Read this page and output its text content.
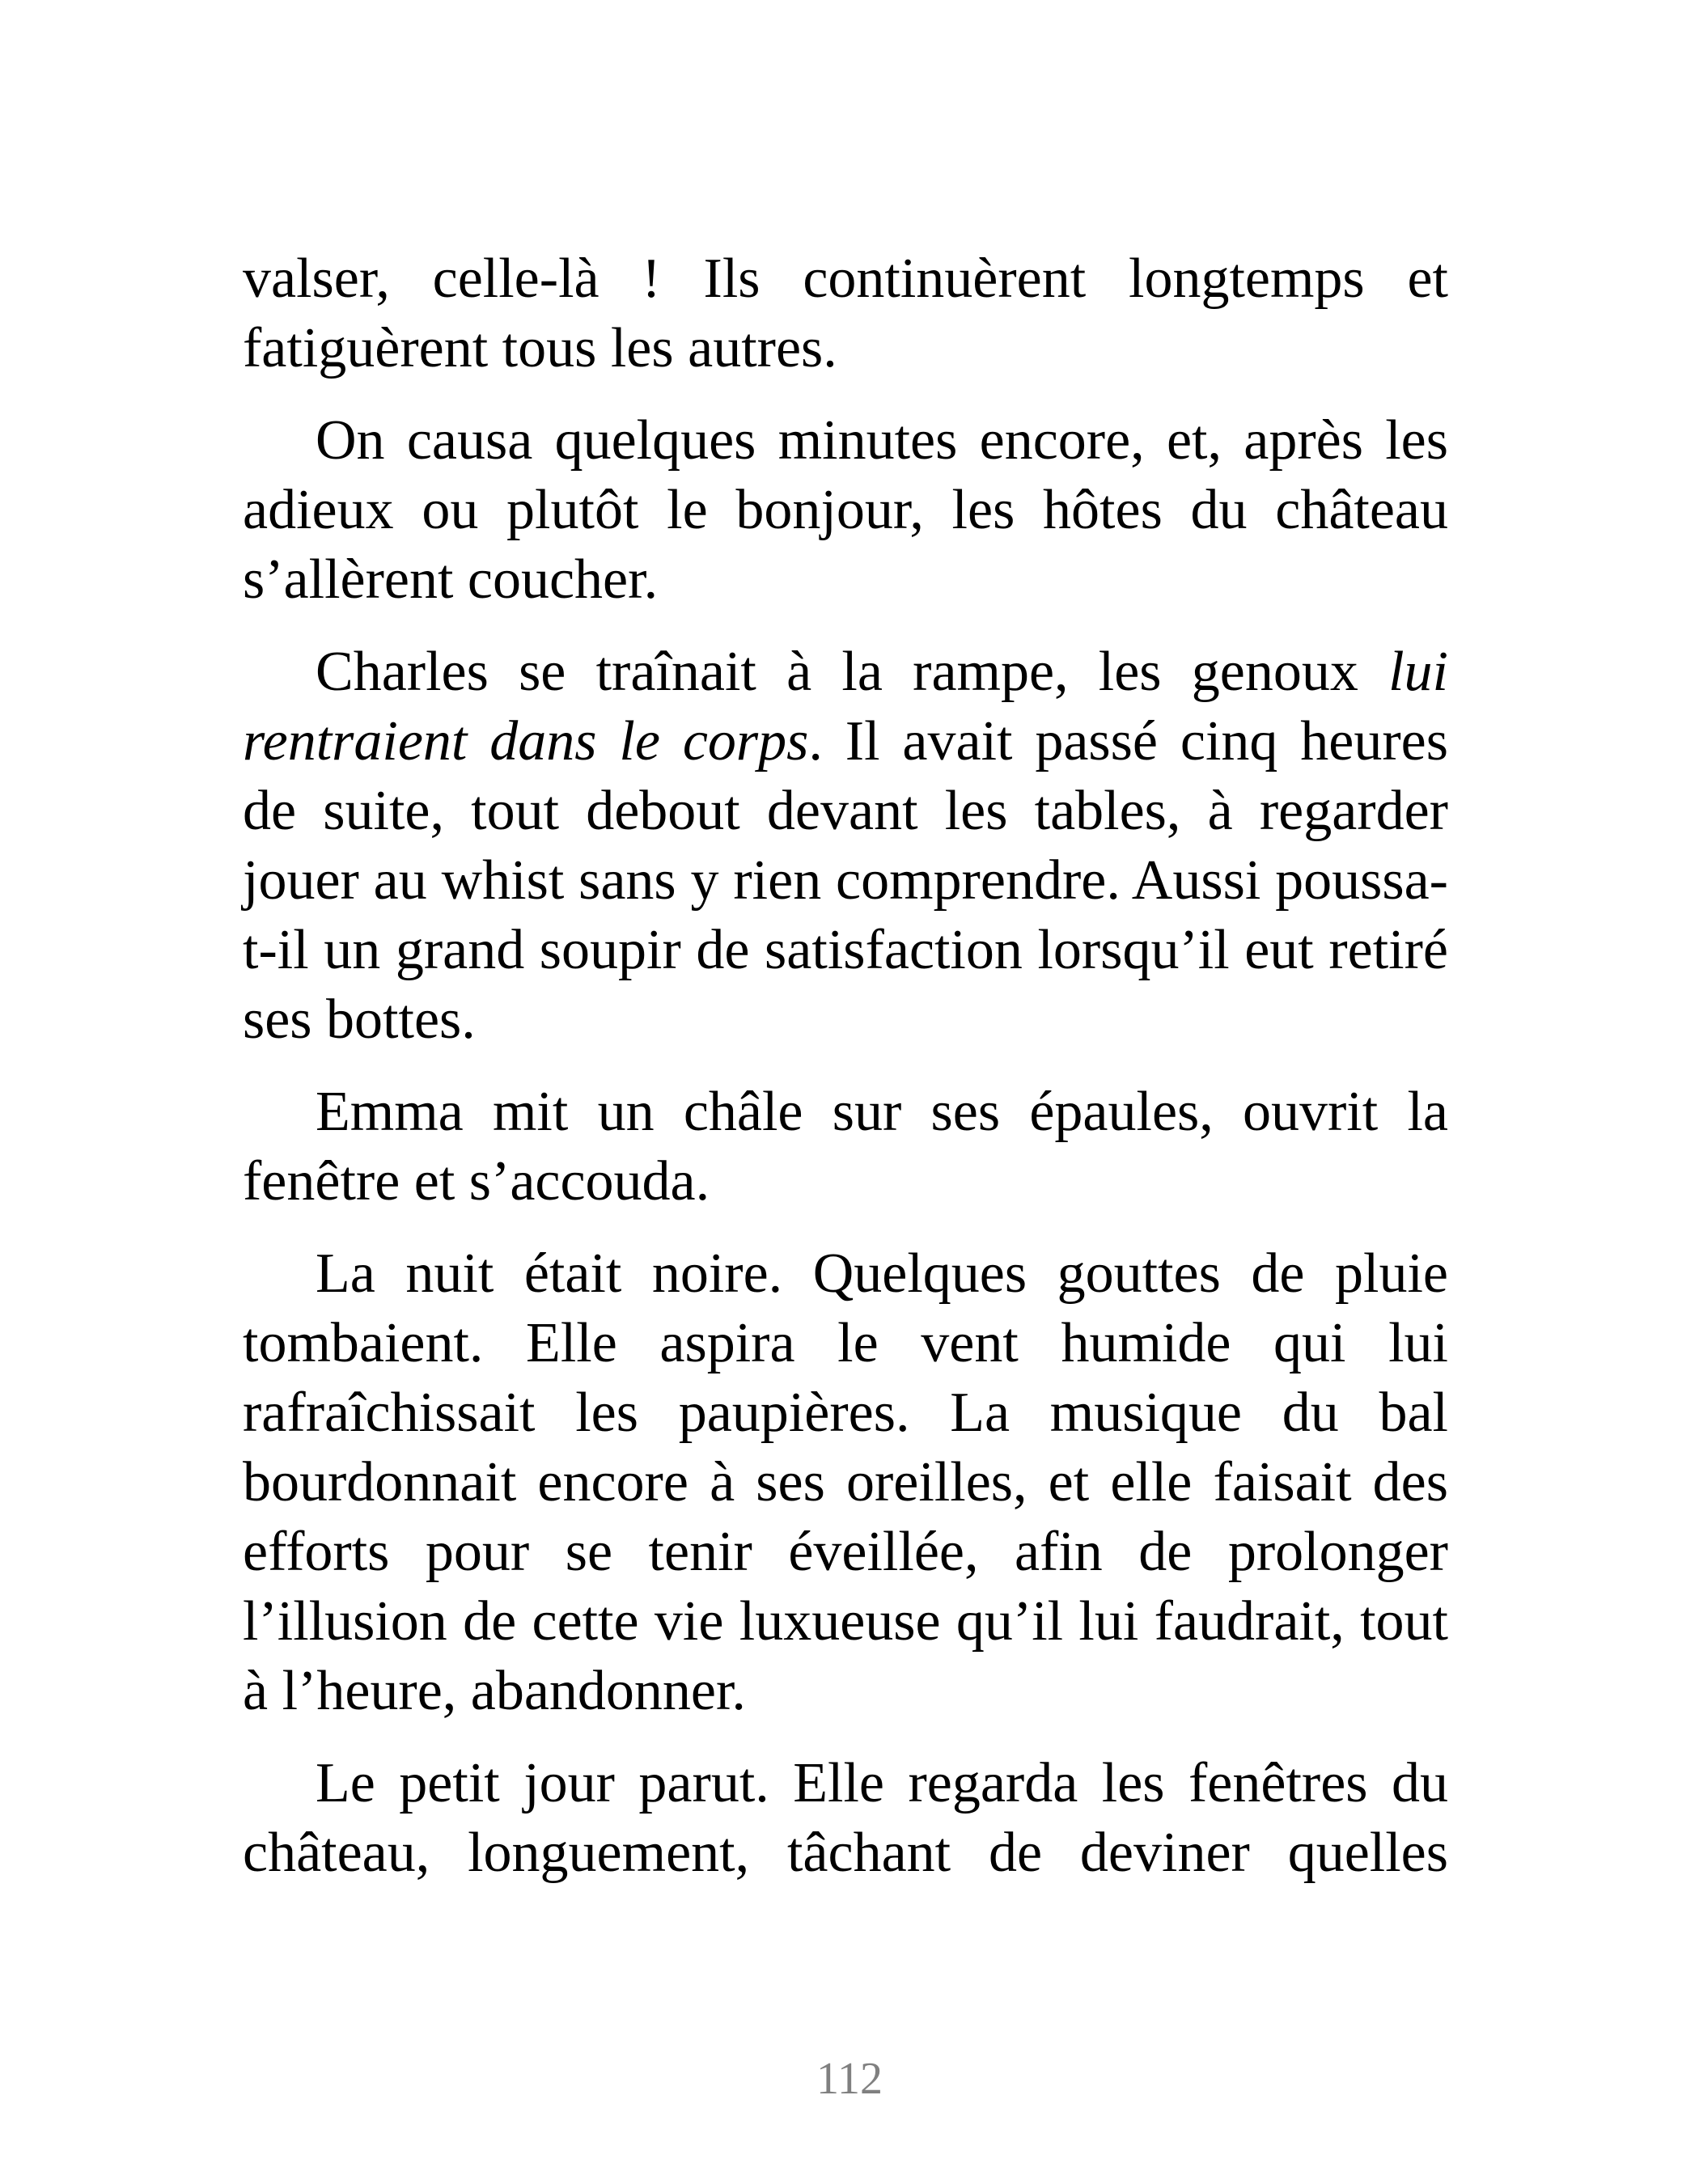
valser, celle-là ! Ils continuèrent longtemps et fatiguèrent tous les autres.

On causa quelques minutes encore, et, après les adieux ou plutôt le bonjour, les hôtes du château s’allèrent coucher.

Charles se traînait à la rampe, les genoux lui rentraient dans le corps. Il avait passé cinq heures de suite, tout debout devant les tables, à regarder jouer au whist sans y rien comprendre. Aussi poussa-t-il un grand soupir de satisfaction lorsqu’il eut retiré ses bottes.

Emma mit un châle sur ses épaules, ouvrit la fenêtre et s’accouda.

La nuit était noire. Quelques gouttes de pluie tombaient. Elle aspira le vent humide qui lui rafraîchissait les paupières. La musique du bal bourdonnait encore à ses oreilles, et elle faisait des efforts pour se tenir éveillée, afin de prolonger l’illusion de cette vie luxueuse qu’il lui faudrait, tout à l’heure, abandonner.

Le petit jour parut. Elle regarda les fenêtres du château, longuement, tâchant de deviner quelles

112
